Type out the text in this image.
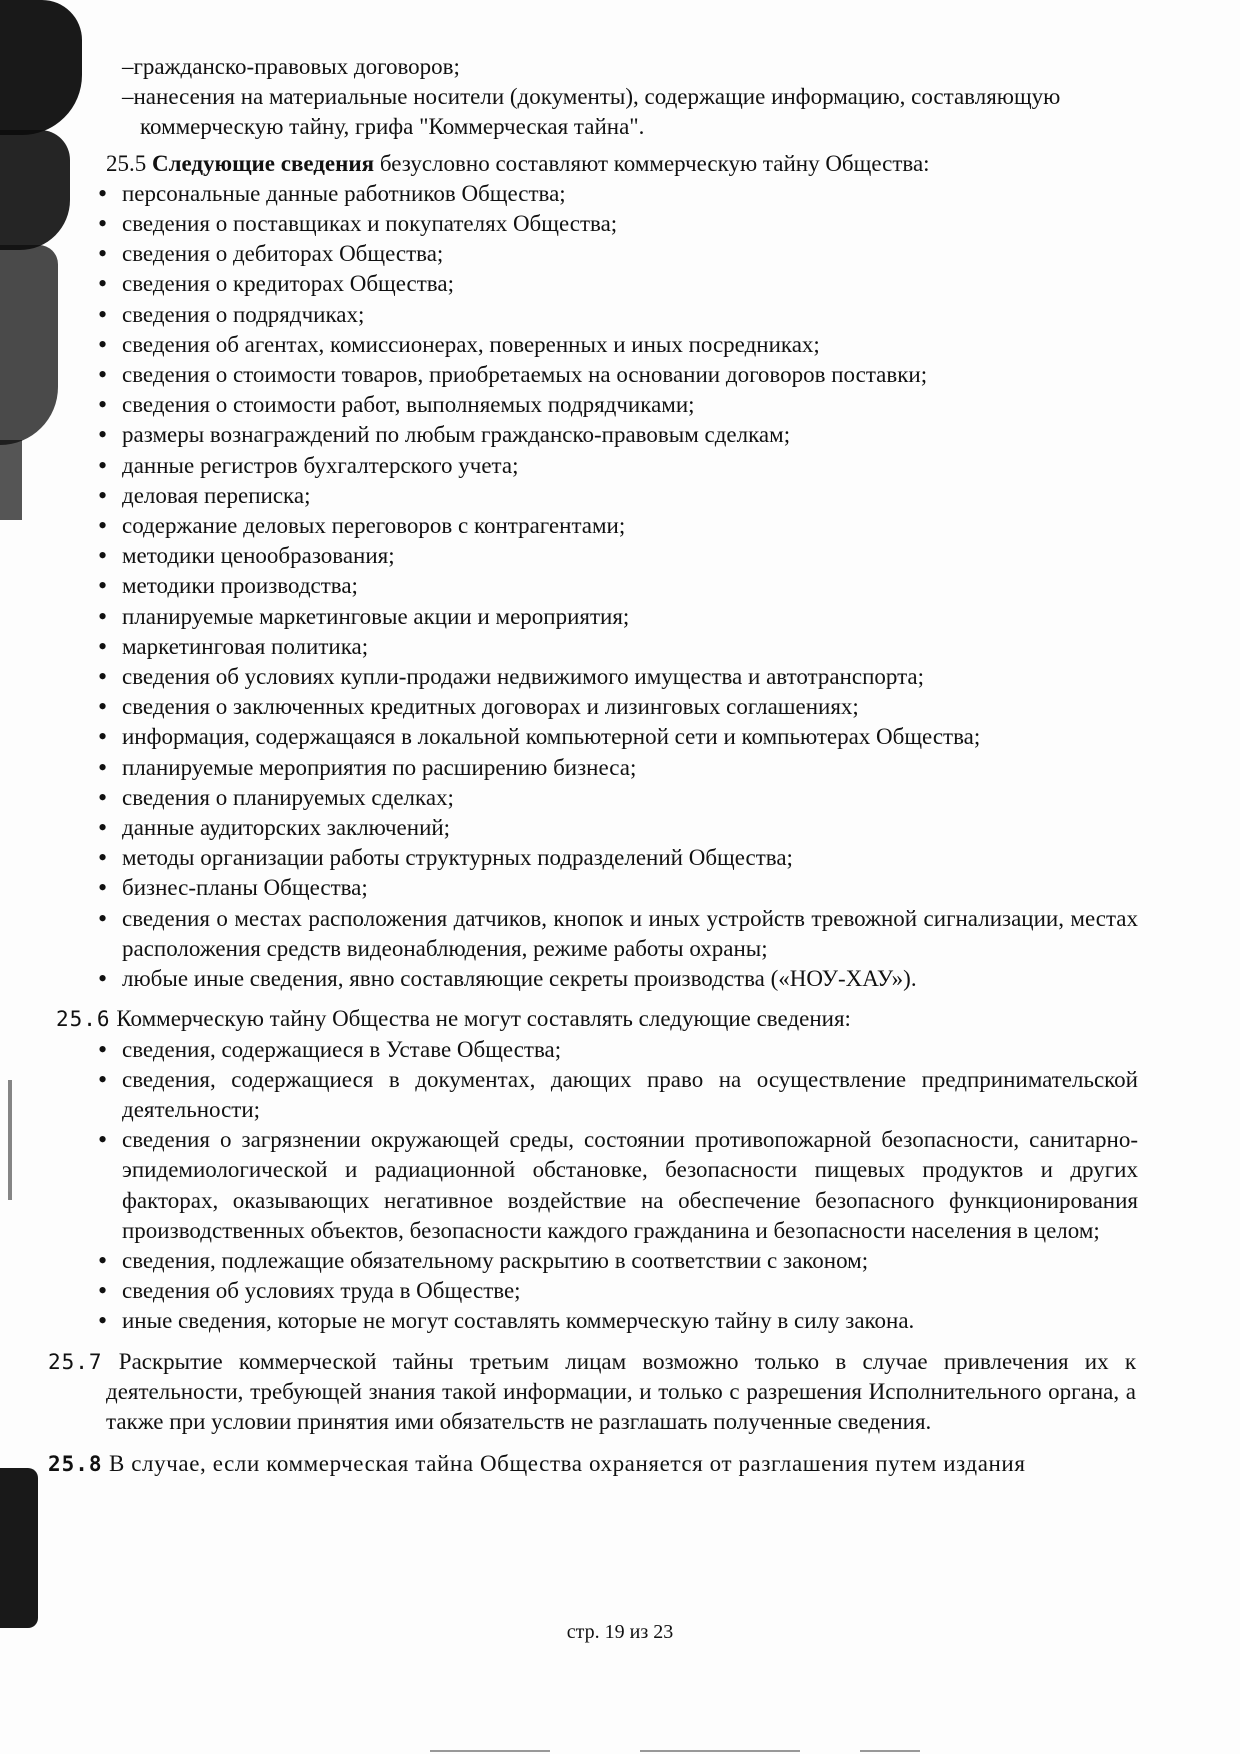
–гражданско-правовых договоров;
–нанесения на материальные носители (документы), содержащие информацию, составляющую
коммерческую тайну, грифа "Коммерческая тайна".
25.5 Следующие сведения безусловно составляют коммерческую тайну Общества:
• персональные данные работников Общества;
• сведения о поставщиках и покупателях Общества;
• сведения о дебиторах Общества;
• сведения о кредиторах Общества;
• сведения о подрядчиках;
• сведения об агентах, комиссионерах, поверенных и иных посредниках;
• сведения о стоимости товаров, приобретаемых на основании договоров поставки;
• сведения о стоимости работ, выполняемых подрядчиками;
• размеры вознаграждений по любым гражданско-правовым сделкам;
• данные регистров бухгалтерского учета;
• деловая переписка;
• содержание деловых переговоров с контрагентами;
• методики ценообразования;
• методики производства;
• планируемые маркетинговые акции и мероприятия;
• маркетинговая политика;
• сведения об условиях купли-продажи недвижимого имущества и автотранспорта;
• сведения о заключенных кредитных договорах и лизинговых соглашениях;
• информация, содержащаяся в локальной компьютерной сети и компьютерах Общества;
• планируемые мероприятия по расширению бизнеса;
• сведения о планируемых сделках;
• данные аудиторских заключений;
• методы организации работы структурных подразделений Общества;
• бизнес-планы Общества;
• сведения о местах расположения датчиков, кнопок и иных устройств тревожной сигнализации, местах расположения средств видеонаблюдения, режиме работы охраны;
• любые иные сведения, явно составляющие секреты производства («НОУ-ХАУ»).
25.6 Коммерческую тайну Общества не могут составлять следующие сведения:
• сведения, содержащиеся в Уставе Общества;
• сведения, содержащиеся в документах, дающих право на осуществление предпринимательской деятельности;
• сведения о загрязнении окружающей среды, состоянии противопожарной безопасности, санитарно-эпидемиологической и радиационной обстановке, безопасности пищевых продуктов и других факторах, оказывающих негативное воздействие на обеспечение безопасного функционирования производственных объектов, безопасности каждого гражданина и безопасности населения в целом;
• сведения, подлежащие обязательному раскрытию в соответствии с законом;
• сведения об условиях труда в Обществе;
• иные сведения, которые не могут составлять коммерческую тайну в силу закона.
25.7 Раскрытие коммерческой тайны третьим лицам возможно только в случае привлечения их к деятельности, требующей знания такой информации, и только с разрешения Исполнительного органа, а также при условии принятия ими обязательств не разглашать полученные сведения.
25.8 В случае, если коммерческая тайна Общества охраняется от разглашения путем издания
стр. 19 из 23
